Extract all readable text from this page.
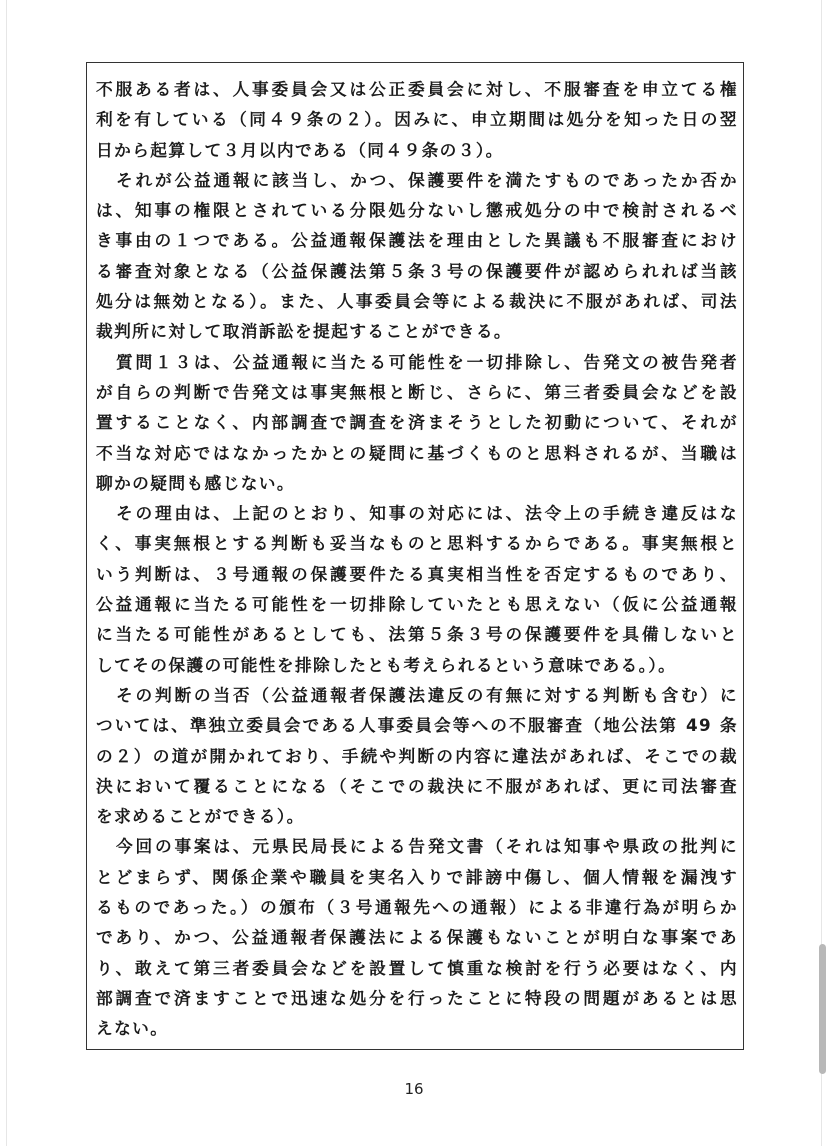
不服ある者は、人事委員会又は公正委員会に対し、不服審査を申立てる権
利を有している（同４９条の２）。因みに、申立期間は処分を知った日の翌
日から起算して３月以内である（同４９条の３）。
それが公益通報に該当し、かつ、保護要件を満たすものであったか否か
は、知事の権限とされている分限処分ないし懲戒処分の中で検討されるべ
き事由の１つである。公益通報保護法を理由とした異議も不服審査におけ
る審査対象となる（公益保護法第５条３号の保護要件が認められれば当該
処分は無効となる）。また、人事委員会等による裁決に不服があれば、司法
裁判所に対して取消訴訟を提起することができる。
質問１３は、公益通報に当たる可能性を一切排除し、告発文の被告発者
が自らの判断で告発文は事実無根と断じ、さらに、第三者委員会などを設
置することなく、内部調査で調査を済まそうとした初動について、それが
不当な対応ではなかったかとの疑問に基づくものと思料されるが、当職は
聊かの疑問も感じない。
その理由は、上記のとおり、知事の対応には、法令上の手続き違反はな
く、事実無根とする判断も妥当なものと思料するからである。事実無根と
いう判断は、３号通報の保護要件たる真実相当性を否定するものであり、
公益通報に当たる可能性を一切排除していたとも思えない（仮に公益通報
に当たる可能性があるとしても、法第５条３号の保護要件を具備しないと
してその保護の可能性を排除したとも考えられるという意味である。）。
その判断の当否（公益通報者保護法違反の有無に対する判断も含む）に
ついては、準独立委員会である人事委員会等への不服審査（地公法第 49 条
の２）の道が開かれており、手続や判断の内容に違法があれば、そこでの裁
決において覆ることになる（そこでの裁決に不服があれば、更に司法審査
を求めることができる）。
今回の事案は、元県民局長による告発文書（それは知事や県政の批判に
とどまらず、関係企業や職員を実名入りで誹謗中傷し、個人情報を漏洩す
るものであった。）の頒布（３号通報先への通報）による非違行為が明らか
であり、かつ、公益通報者保護法による保護もないことが明白な事案であ
り、敢えて第三者委員会などを設置して慎重な検討を行う必要はなく、内
部調査で済ますことで迅速な処分を行ったことに特段の問題があるとは思
えない。
16
